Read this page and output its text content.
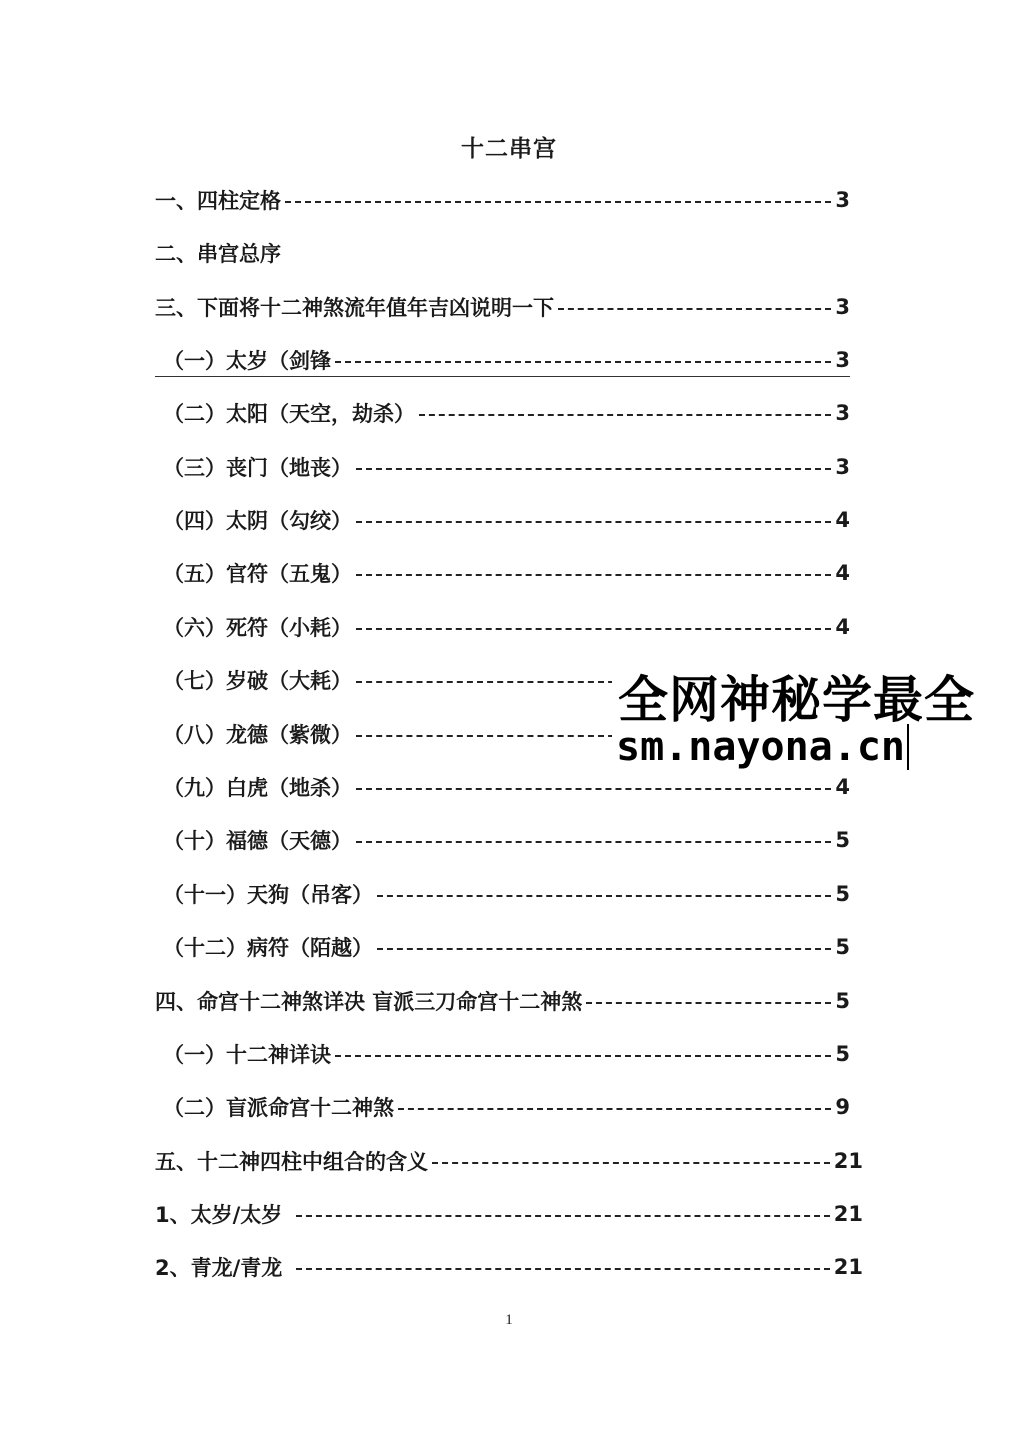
十二串宫
一、四柱定格	3
二、串宫总序
三、下面将十二神煞流年值年吉凶说明一下	3
（一）太岁（剑锋	3
（二）太阳（天空，劫杀）	3
（三）丧门（地丧）	3
（四）太阴（勾绞）	4
（五）官符（五鬼）	4
（六）死符（小耗）	4
（七）岁破（大耗）
（八）龙德（紫微）
（九）白虎（地杀）	4
（十）福德（天德）	5
（十一）天狗（吊客）	5
（十二）病符（陌越）	5
四、命宫十二神煞详决 盲派三刀命宫十二神煞	5
（一）十二神详诀	5
（二）盲派命宫十二神煞	9
五、十二神四柱中组合的含义	21
1、太岁/太岁	21
2、青龙/青龙	21
全网神秘学最全
sm.nayona.cn
1
